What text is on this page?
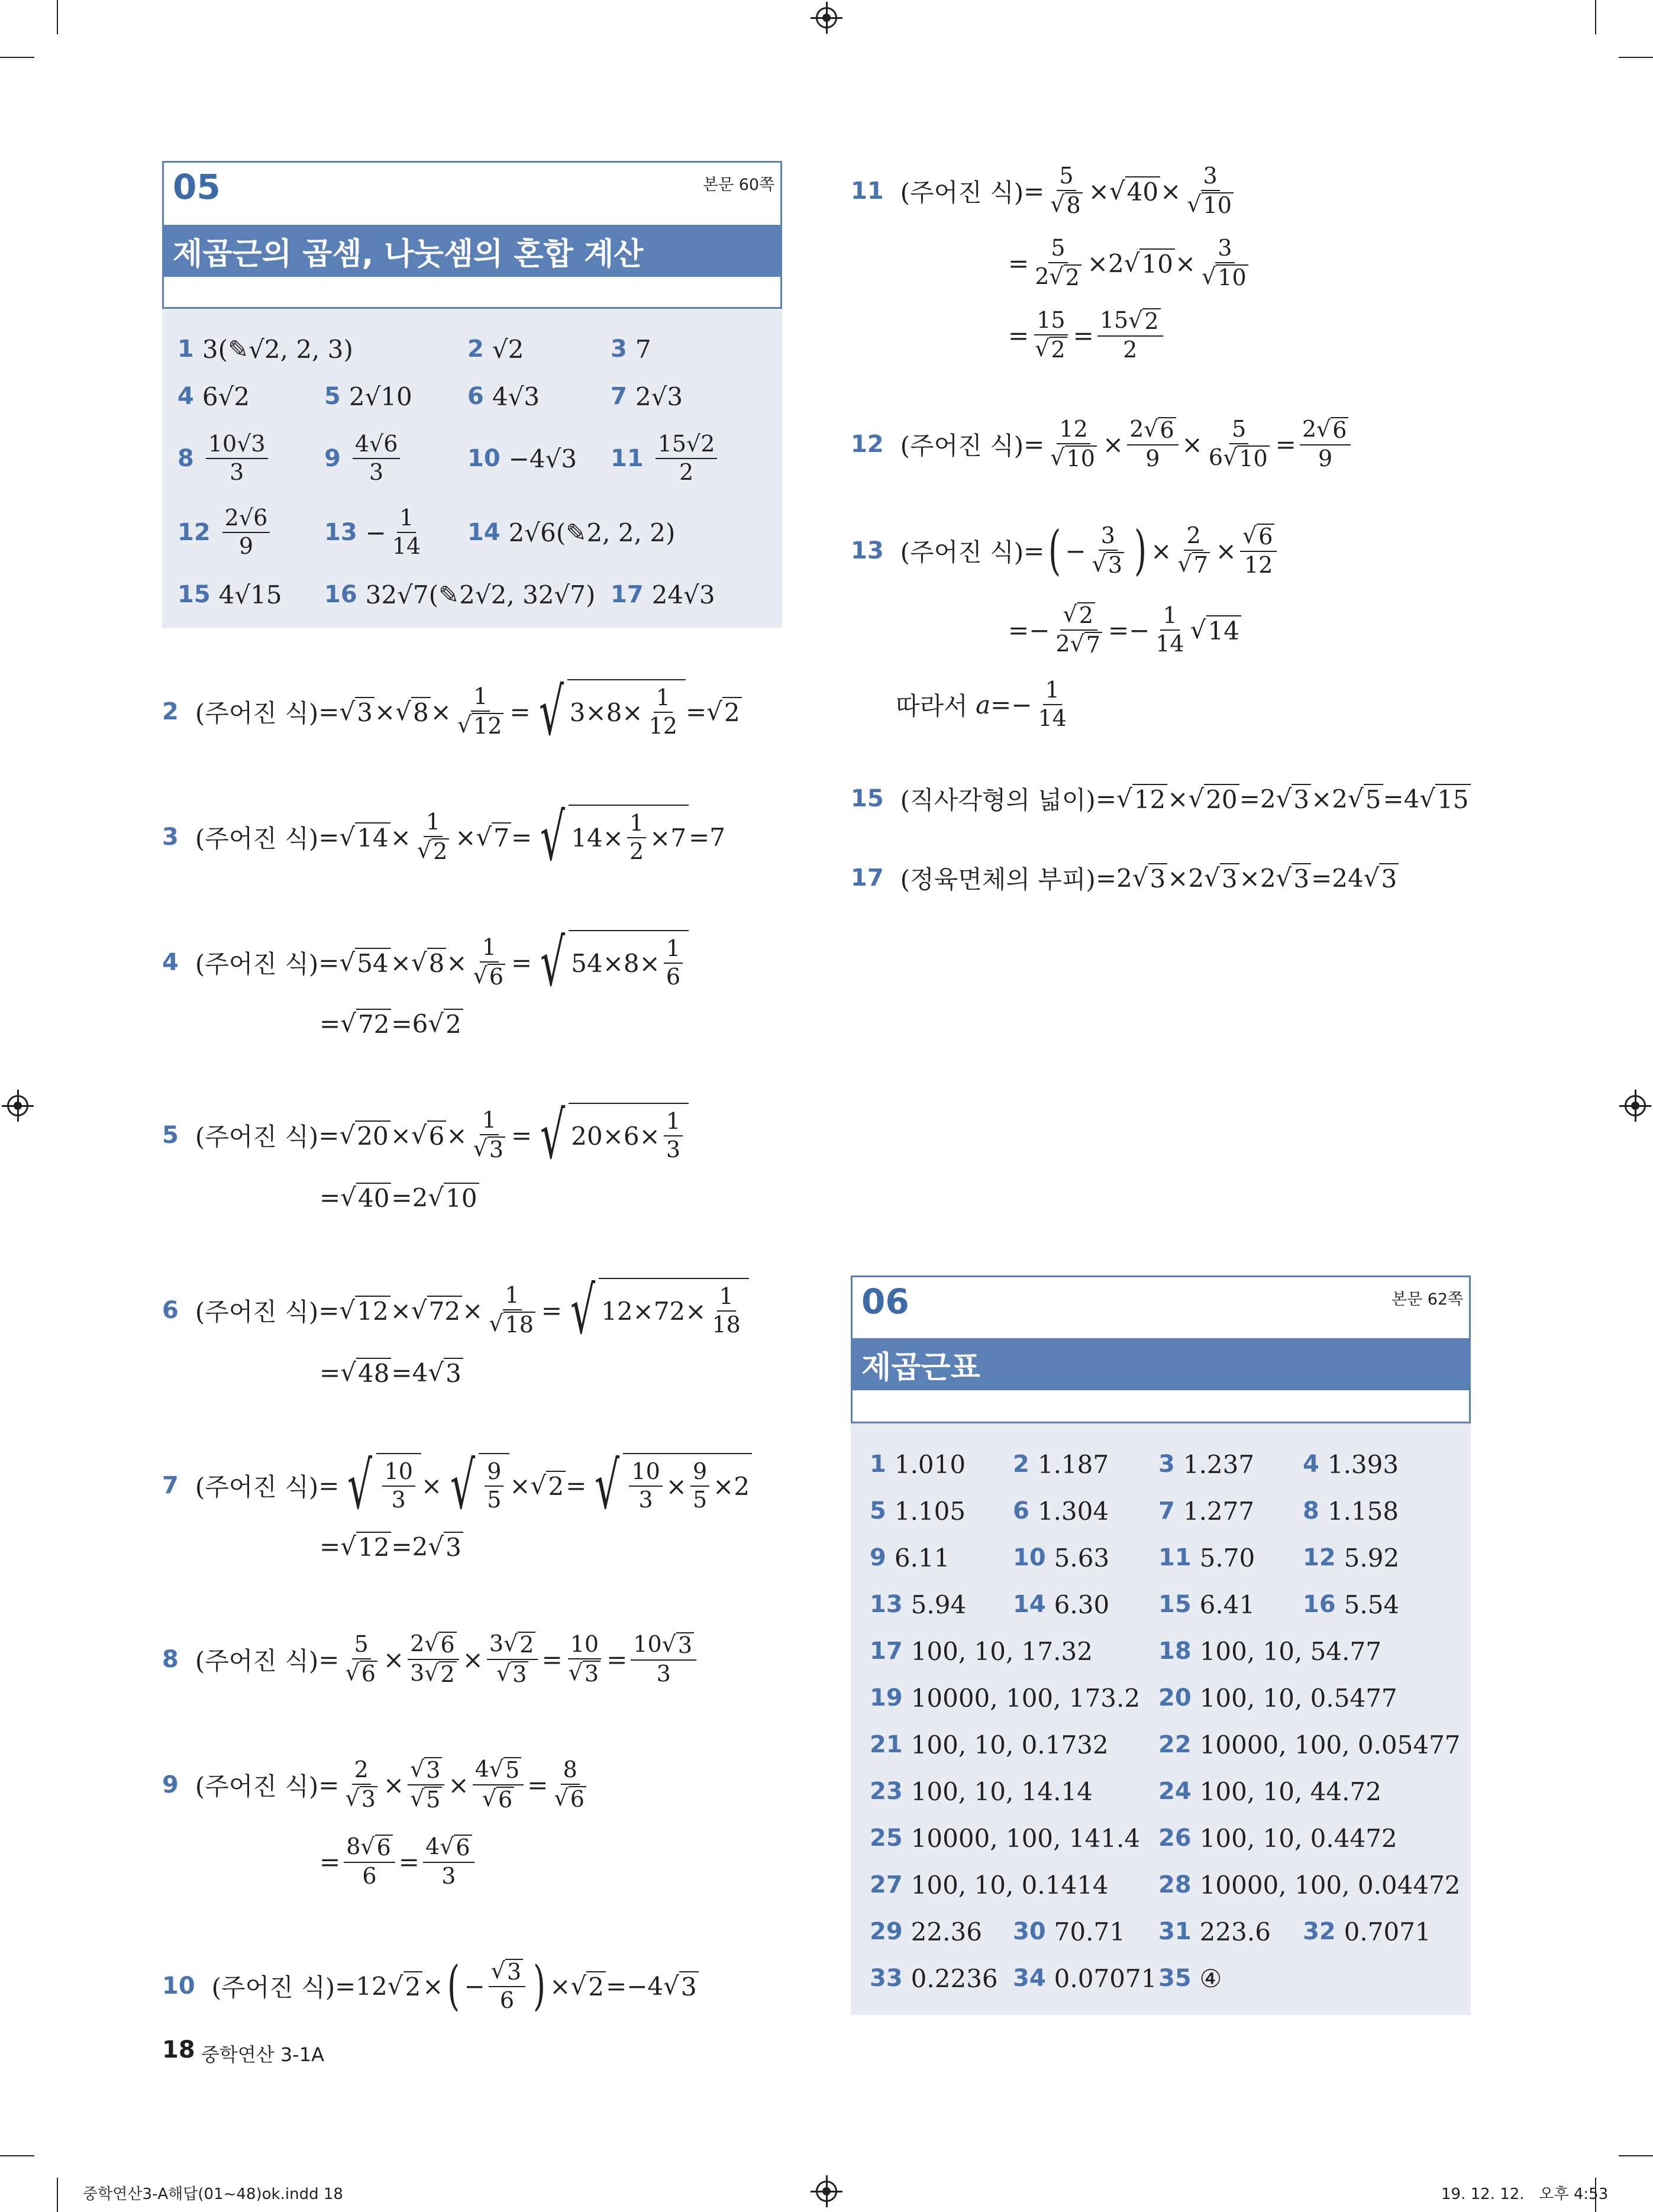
05	본문 60쪽
제곱근의 곱셈, 나눗셈의 혼합 계산
1 3(✎√2, 2, 3)	2 √2	3 7
4 6√2	5 2√10 6 4√3	7 2√3
$8 \frac{10√3}{3} 9 \frac{4√6}{3}$	10 −4√3 $11 \frac{15√2}{2}$
$12 \frac{2√6}{9} 13 - \frac{1}{14} 14$ 2√6(✎2, 2, 2)
15 4√15 16 32√7(✎2√2, 32√7) 17 24√3
06	본문 62쪽
제곱근표
1 1.010 2 1.187 3 1.237 4 1.393
5 1.105 6 1.304 7 1.277 8 1.158
9 6.11	10 5.63 11 5.70 12 5.92
13 5.94 14 6.30 15 6.41 16 5.54
17 100, 10, 17.32	18 100, 10, 54.77
19 10000, 100, 173.2 20 100, 10, 0.5477
21 100, 10, 0.1732 22 10000, 100, 0.05477
23 100, 10, 14.14	24 100, 10, 44.72
25 10000, 100, 141.4 26 100, 10, 0.4472
27 100, 10, 0.1414 28 10000, 100, 0.04472
29 22.36 30 70.71 31 223.6 32 0.7071
33 0.2236 34 0.07071 35 ④
2 (주어진 식) = √ 3 × √ $8 \times \frac{1}{√ 12}$ = √ $3\times 8\times \frac{1}{12}$ = √ 2
3 (주어진 식) = √ $14 \times \frac{1}{√ 2}$ × √ 7 = √ $14\times \frac{1}{2} \times 7 =7$
4 (주어진 식) = √ 54 × √ $8 \times \frac{1}{√ 6}$ = √ $54\times 8\times \frac{1}{6}$
= √ 72 =6 √ 2
5 (주어진 식) = √ 20 × √ $6 \times \frac{1}{√ 3}$ = √ $20\times 6\times \frac{1}{3}$
= √ 40 =2 √ 10
6 (주어진 식) = √ 12 × √ $72 \times \frac{1}{√ 18}$ = √ $12\times 72\times \frac{1}{18}$
= √ 48 =4 √ 3
7 (주어진 식) = √ $\frac{10}{3}$ × √ $\frac{9}{5}$ × √ 2 = √ $\frac{10}{3} \times \frac{9}{5} \times 2$
= √ 12 =2 √ 3
8 (주어진 식) = $\frac{5}{√ 6} \times \frac{2 √ 6}{3 √ 2} \times \frac{3 √ 2}{√ 3} = \frac{10}{√ 3} = \frac{10 √ 3}{3}$
9 (주어진 식) = $\frac{2}{√ 3} \times \frac{√ 3}{√ 5} \times \frac{4 √ 5}{√ 6} = \frac{8}{√ 6}$
= $\frac{8 √ 6}{6} = \frac{4 √ 6}{3}$
10 (주어진 식) =12 √ 2 × ( − $\frac{√ 3}{6}$ ) × √ 2 =−4 √ 3
11 (주어진 식) = $\frac{5}{√ 8}$ × √ $40 \times \frac{3}{√ 10}$
= $\frac{5}{2 √ 2} \times 2$ √ $10 \times \frac{3}{√ 10}$
= $\frac{15}{√ 2} = \frac{15 √ 2}{2}$
12 (주어진 식) = $\frac{12}{√ 10} \times \frac{2 √ 6}{9} \times \frac{5}{6 √ 10} = \frac{2 √ 6}{9}$
13 (주어진 식) = ( − $\frac{3}{√ 3}$ ) × $\frac{2}{√ 7} \times \frac{√ 6}{12}$
=− $\frac{√ 2}{2 √ 7} =- \frac{1}{14}$ √ 14
따라서
$a =- \frac{1}{14}$
15 (직사각형의 넓이) = √ 12 × √ 20 =2 √ 3 ×2 √ 5 =4 √ 15
17 (정육면체의 부피) =2 √ 3 ×2 √ 3 ×2 √ 3 =24 √ 3
18 중학연산 3-1A
중학연산3-A해답(01~48)ok.indd 18	19. 12. 12.   오후 4:53
